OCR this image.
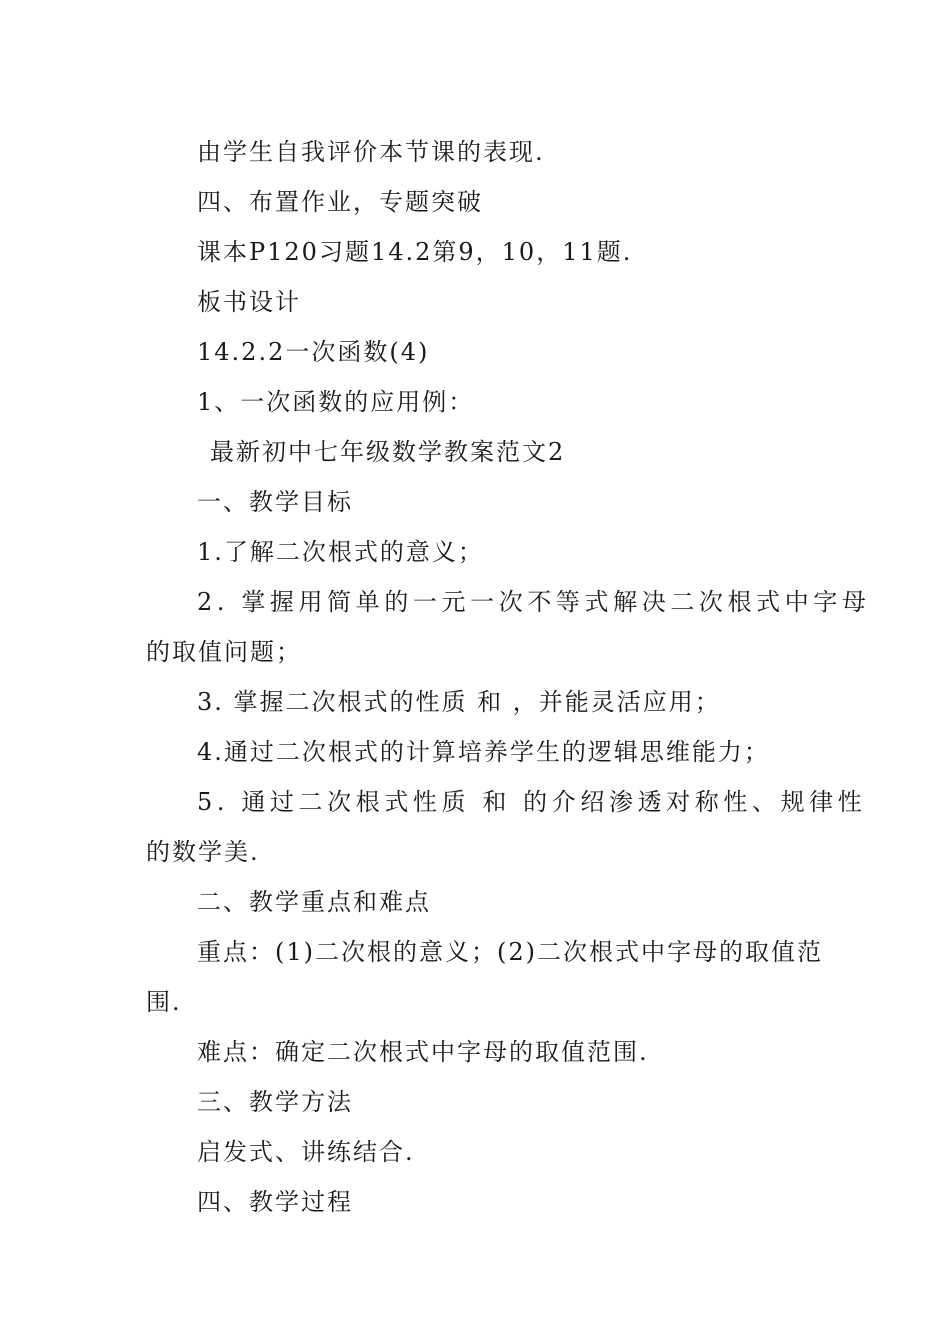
由学生自我评价本节课的表现.
四、布置作业，专题突破
课本P120习题14.2第9，10，11题.
板书设计
14.2.2一次函数(4)
1、一次函数的应用例：
最新初中七年级数学教案范文2
一、教学目标
1.了解二次根式的意义；
2. 掌握用简单的一元一次不等式解决二次根式中字母
的取值问题；
3. 掌握二次根式的性质 和 ，并能灵活应用；
4.通过二次根式的计算培养学生的逻辑思维能力；
5. 通过二次根式性质 和 的介绍渗透对称性、规律性
的数学美.
二、教学重点和难点
重点：(1)二次根的意义；(2)二次根式中字母的取值范
围.
难点：确定二次根式中字母的取值范围.
三、教学方法
启发式、讲练结合.
四、教学过程
